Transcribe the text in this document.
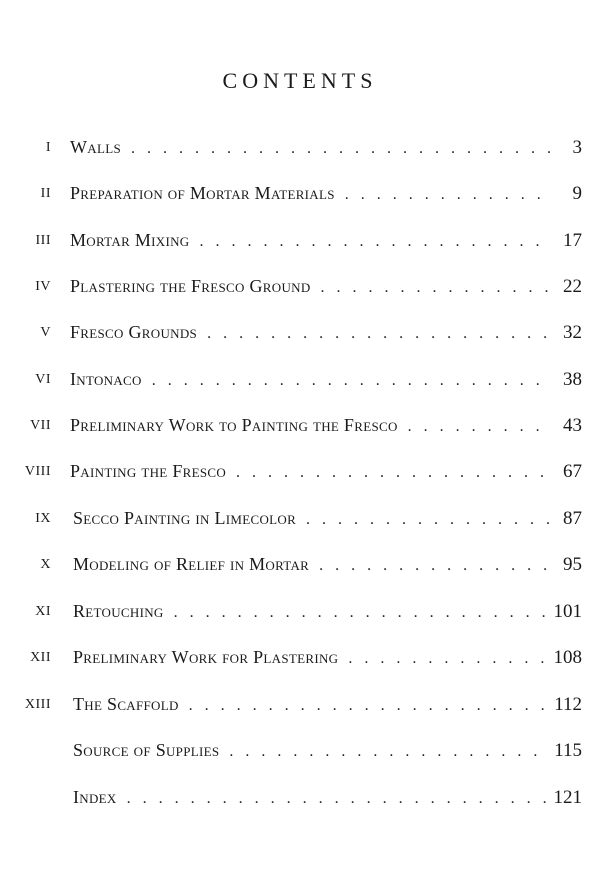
CONTENTS
I Walls . . .	3
II Preparation of Mortar Materials . . .	9
III Mortar Mixing . . .	17
IV Plastering the Fresco Ground . . .	22
V Fresco Grounds . . .	32
VI Intonaco . . .	38
VII Preliminary Work to Painting the Fresco . . .	43
VIII Painting the Fresco . . .	67
IX Secco Painting in Limecolor . . .	87
X Modeling of Relief in Mortar . . .	95
XI Retouching . . .	101
XII Preliminary Work for Plastering . . .	108
XIII The Scaffold . . .	112
Source of Supplies . . .	115
Index . . .	121
